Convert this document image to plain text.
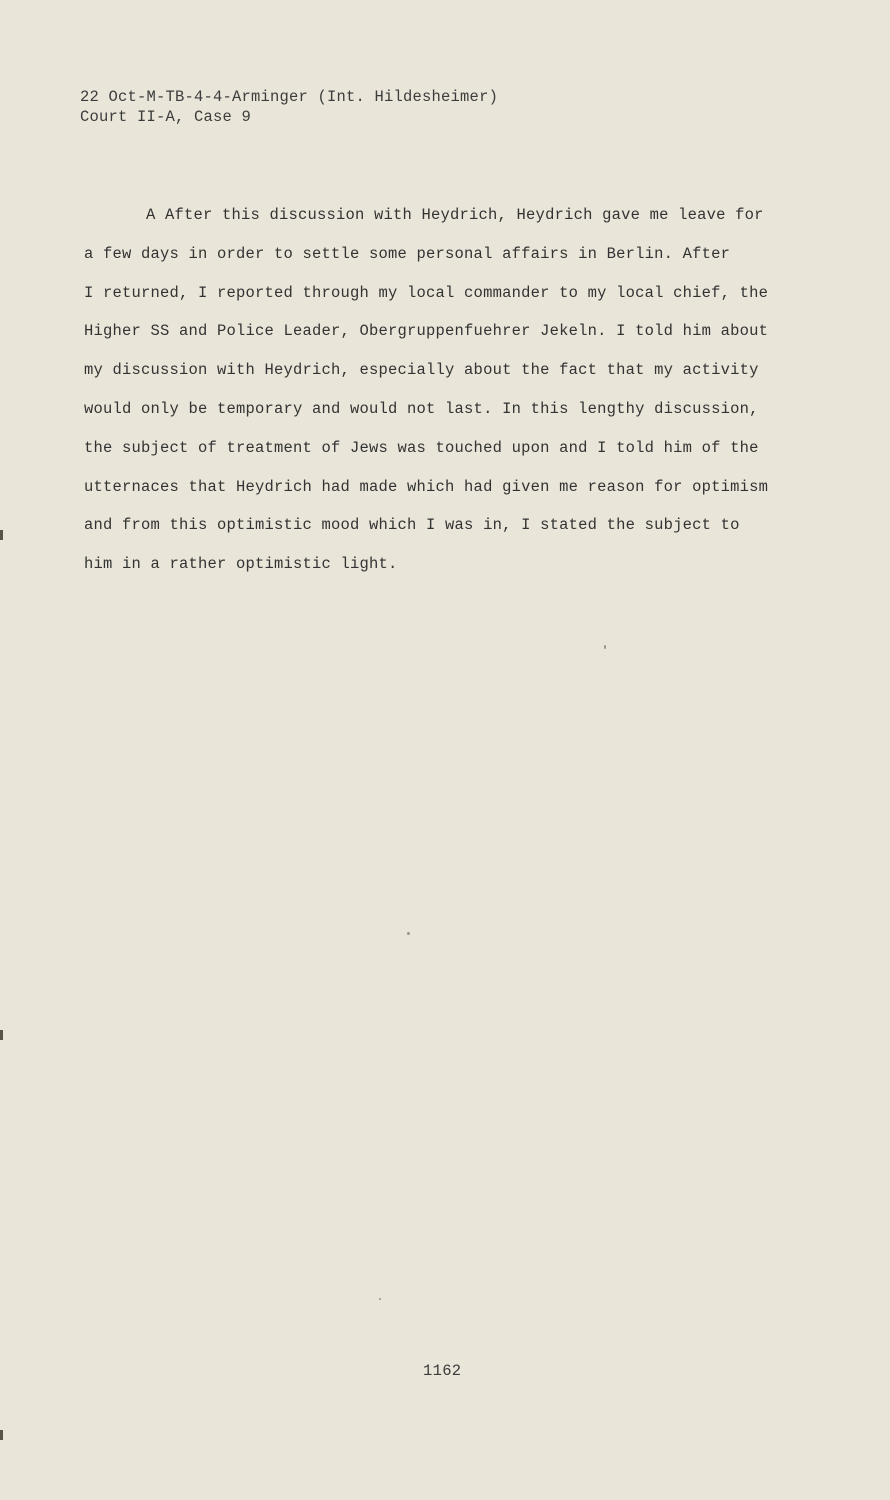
22 Oct-M-TB-4-4-Arminger (Int. Hildesheimer)
Court II-A, Case 9
A After this discussion with Heydrich, Heydrich gave me leave for
a few days in order to settle some personal affairs in Berlin. After
I returned, I reported through my local commander to my local chief, the
Higher SS and Police Leader, Obergruppenfuehrer Jekeln. I told him about
my discussion with Heydrich, especially about the fact that my activity
would only be temporary and would not last. In this lengthy discussion,
the subject of treatment of Jews was touched upon and I told him of the
utternaces that Heydrich had made which had given me reason for optimism
and from this optimistic mood which I was in, I stated the subject to
him in a rather optimistic light.
1162
